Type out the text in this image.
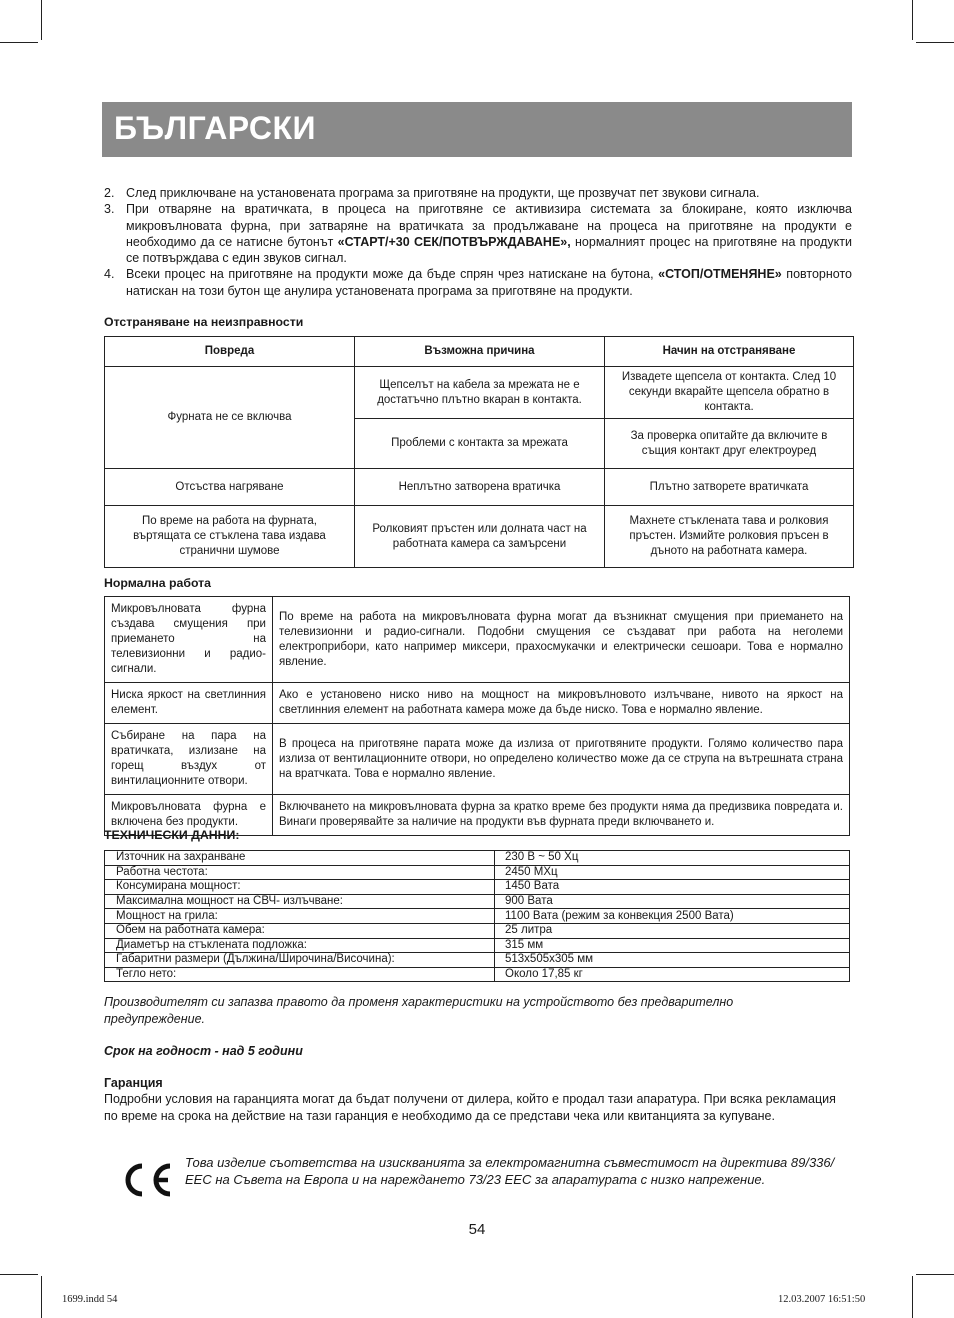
БЪЛГАРСКИ

2. След приключване на установената програма за приготвяне на продукти, ще прозвучат пет звукови сигнала.

3. При отваряне на вратичката, в процеса на приготвяне се активизира системата за блокиране, която изключва микровълновата фурна, при затваряне на вратичката за продължаване на процеса на приготвяне на продукти е необходимо да се натисне бутонът «СТАРТ/+30 СЕК/ПОТВЪРЖДАВАНЕ», нормалният процес на приготвяне на продукти се потвърждава с един звуков сигнал.

4. Всеки процес на приготвяне на продукти може да бъде спрян чрез натискане на бутона, «СТОП/ОТМЕНЯНЕ» повторното натискан на този бутон ще анулира установената програма за приготвяне на продукти.

Отстраняване на неизправности
Повреда	Възможна причина	Начин на отстраняване
Фурната не се включва	Щепселът на кабела за мрежата не е достатъчно плътно вкаран в контакта.	Извадете щепсела от контакта. След 10 секунди вкарайте щепсела обратно в контакта.
	Проблеми с контакта за мрежата	За проверка опитайте да включите в същия контакт друг електроуред
Отсъства нагряване	Неплътно затворена вратичка	Плътно затворете вратичката
По време на работа на фурната, въртящата се стъклена тава издава странични шумове	Ролковият пръстен или долната част на работната камера са замърсени	Махнете стъклената тава и ролковия пръстен. Измийте ролковия пръсен в дъното на работната камера.
Нормална работа
Микровълновата фурна създава смущения при приемането на телевизионни и радио-сигнали.	По време на работа на микровълновата фурна могат да възникнат смущения при приемането на телевизионни и радио-сигнали. Подобни смущения се създават при работа на неголеми електроприбори, като например миксери, прахосмукачки и електрически сешоари. Това е нормално явление.
Ниска яркост на светлинния елемент.	Ако е установено ниско ниво на мощност на микровълновото излъчване, нивото на яркост на светлинния елемент на работната камера може да бъде ниско. Това е нормално явление.
Събиране на пара на вратичката, излизане на горещ въздух от винтилационните отвори.	В процеса на приготвяне парата може да излиза от приготвяните продукти. Голямо количество пара излиза от вентилационните отвори, но определено количество може да се струпа на вътрешната страна на вратчката. Това е нормално явление.
Микровълновата фурна е включена без продукти.	Включването на микровълновата фурна за кратко време без продукти няма да предизвика повредата и. Винаги проверявайте за наличие на продукти във фурната преди включването и.
ТЕХНИЧЕСКИ ДАННИ:
Източник на захранване	230 В ~ 50 Хц
Работна честота:	2450 МХц
Консумирана мощност:	1450 Вата
Максимална мощност на СВЧ- излъчване:	900 Вата
Мощност на грила:	1100 Вата (режим за конвекция 2500 Вата)
Обем на работната камера:	25 литра
Диаметър на стъклената подложка:	315 мм
Габаритни размери (Дължина/Широчина/Височина):	513х505х305 мм
Тегло нето:	Около 17,85 кг
Производителят си запазва правото да променя характеристики на устройството без предварително предупреждение.
Срок на годност - над 5 години
Гаранция
Подробни условия на гаранцията могат да бъдат получени от дилера, който е продал тази апаратура. При всяка рекламация по време на срока на действие на тази гаранция е необходимо да се представи чека или квитанцията за купуване.
Това изделие съответства на изискванията за електромагнитна съвместимост на директива 89/336/ ЕЕС на Съвета на Европа и на нареждането 73/23 ЕЕС за апаратурата с низко напрежение.
54
1699.indd 54	12.03.2007 16:51:50
